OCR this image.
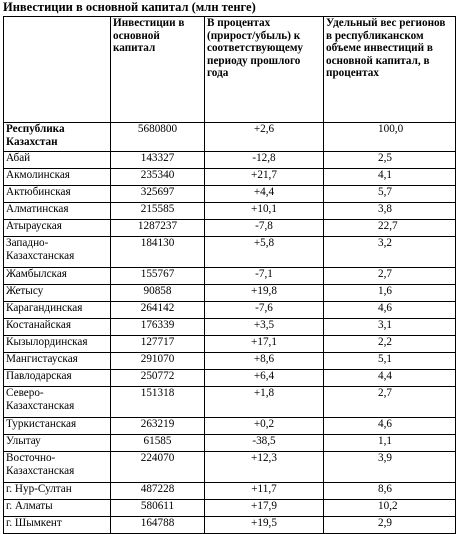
Инвестиции в основной капитал (млн тенге)
	Инвестиции в основной капитал	В процентах (прирост/убыль) к соответствующему периоду прошлого года	Удельный вес регионов в республиканском объеме инвестиций в основной капитал, в процентах
Республика Казахстан	5680800	+2,6	100,0

Абай	143327	-12,8	2,5

Акмолинская	235340	+21,7	4,1

Актюбинская	325697	+4,4	5,7

Алматинская	215585	+10,1	3,8

Атырауская	1287237	-7,8	22,7

Западно-Казахстанская	184130	+5,8	3,2

Жамбылская	155767	-7,1	2,7

Жетысу	90858	+19,8	1,6

Карагандинская	264142	-7,6	4,6

Костанайская	176339	+3,5	3,1

Кызылординская	127717	+17,1	2,2

Мангистауская	291070	+8,6	5,1

Павлодарская	250772	+6,4	4,4

Северо-Казахстанская	151318	+1,8	2,7

Туркистанская	263219	+0,2	4,6

Улытау	61585	-38,5	1,1

Восточно-Казахстанская	224070	+12,3	3,9

г. Нур-Султан	487228	+11,7	8,6

г. Алматы	580611	+17,9	10,2

г. Шымкент	164788	+19,5	2,9
